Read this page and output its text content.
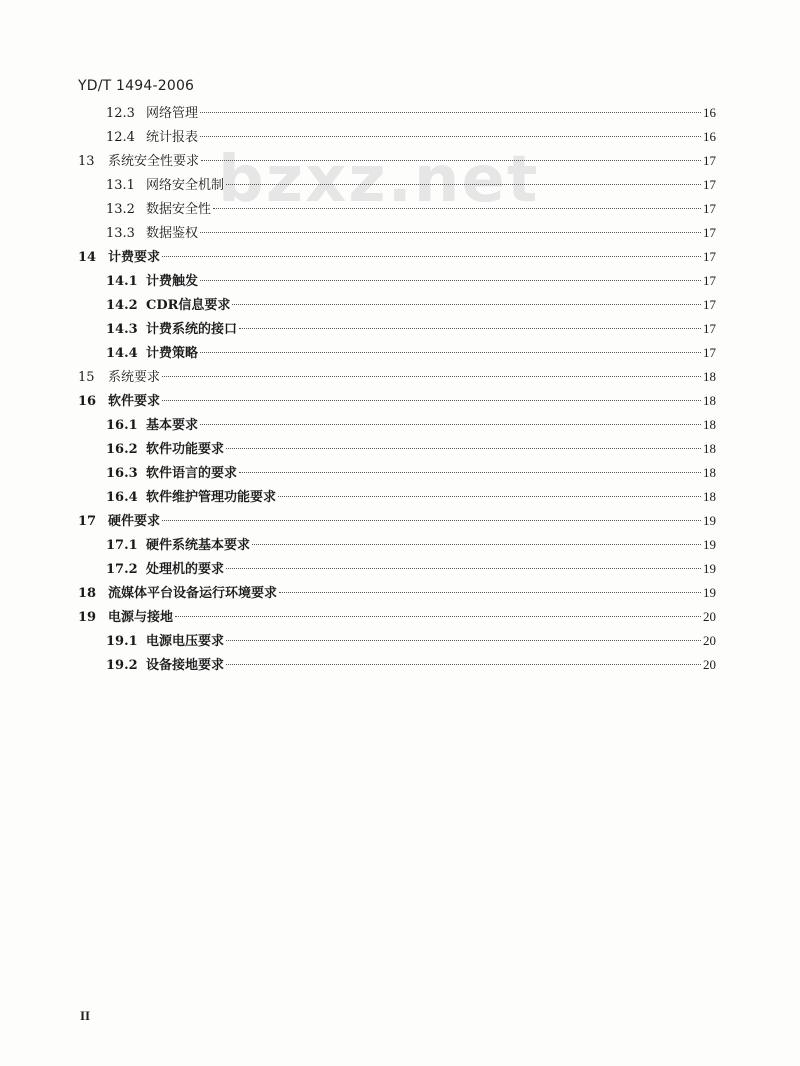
bzxz.net
YD/T 1494-2006
12.3 网络管理	16
12.4 统计报表	16
13	系统安全性要求	17
13.1 网络安全机制	17
13.2 数据安全性	17
13.3 数据鉴权	17
14 计费要求	17
14.1 计费触发	17
14.2 CDR信息要求	17
14.3 计费系统的接口	17
14.4 计费策略	17
15	系统要求	18
16 软件要求	18
16.1 基本要求	18
16.2 软件功能要求	18
16.3 软件语言的要求	18
16.4 软件维护管理功能要求	18
17 硬件要求	19
17.1 硬件系统基本要求	19
17.2 处理机的要求	19
18 流媒体平台设备运行环境要求	19
19 电源与接地	20
19.1 电源电压要求	20
19.2 设备接地要求	20
II
